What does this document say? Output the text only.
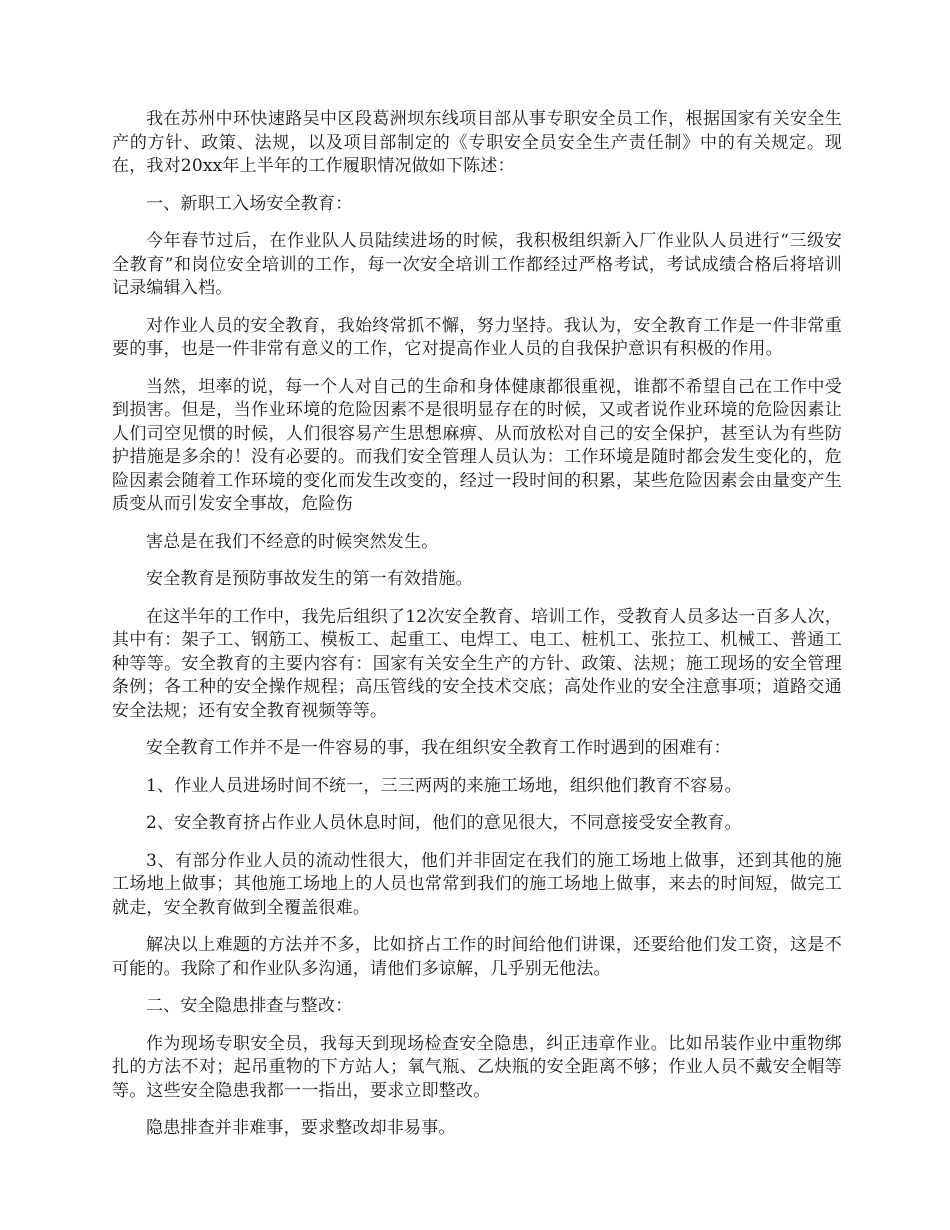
我在苏州中环快速路吴中区段葛洲坝东线项目部从事专职安全员工作，根据国家有关安全生产的方针、政策、法规，以及项目部制定的《专职安全员安全生产责任制》中的有关规定。现在，我对20xx年上半年的工作履职情况做如下陈述：

一、新职工入场安全教育：

今年春节过后，在作业队人员陆续进场的时候，我积极组织新入厂作业队人员进行“三级安全教育”和岗位安全培训的工作，每一次安全培训工作都经过严格考试，考试成绩合格后将培训记录编辑入档。

对作业人员的安全教育，我始终常抓不懈，努力坚持。我认为，安全教育工作是一件非常重要的事，也是一件非常有意义的工作，它对提高作业人员的自我保护意识有积极的作用。

当然，坦率的说，每一个人对自己的生命和身体健康都很重视，谁都不希望自己在工作中受到损害。但是，当作业环境的危险因素不是很明显存在的时候，又或者说作业环境的危险因素让人们司空见惯的时候，人们很容易产生思想麻痹、从而放松对自己的安全保护，甚至认为有些防护措施是多余的！没有必要的。而我们安全管理人员认为：工作环境是随时都会发生变化的，危险因素会随着工作环境的变化而发生改变的，经过一段时间的积累，某些危险因素会由量变产生质变从而引发安全事故，危险伤

害总是在我们不经意的时候突然发生。

安全教育是预防事故发生的第一有效措施。

在这半年的工作中，我先后组织了12次安全教育、培训工作，受教育人员多达一百多人次，其中有：架子工、钢筋工、模板工、起重工、电焊工、电工、桩机工、张拉工、机械工、普通工种等等。安全教育的主要内容有：国家有关安全生产的方针、政策、法规；施工现场的安全管理条例；各工种的安全操作规程；高压管线的安全技术交底；高处作业的安全注意事项；道路交通安全法规；还有安全教育视频等等。

安全教育工作并不是一件容易的事，我在组织安全教育工作时遇到的困难有：

1、作业人员进场时间不统一，三三两两的来施工场地，组织他们教育不容易。

2、安全教育挤占作业人员休息时间，他们的意见很大，不同意接受安全教育。

3、有部分作业人员的流动性很大，他们并非固定在我们的施工场地上做事，还到其他的施工场地上做事；其他施工场地上的人员也常常到我们的施工场地上做事，来去的时间短，做完工就走，安全教育做到全覆盖很难。

解决以上难题的方法并不多，比如挤占工作的时间给他们讲课，还要给他们发工资，这是不可能的。我除了和作业队多沟通，请他们多谅解，几乎别无他法。

二、安全隐患排查与整改：

作为现场专职安全员，我每天到现场检查安全隐患，纠正违章作业。比如吊装作业中重物绑扎的方法不对；起吊重物的下方站人；氧气瓶、乙炔瓶的安全距离不够；作业人员不戴安全帽等等。这些安全隐患我都一一指出，要求立即整改。

隐患排查并非难事，要求整改却非易事。
